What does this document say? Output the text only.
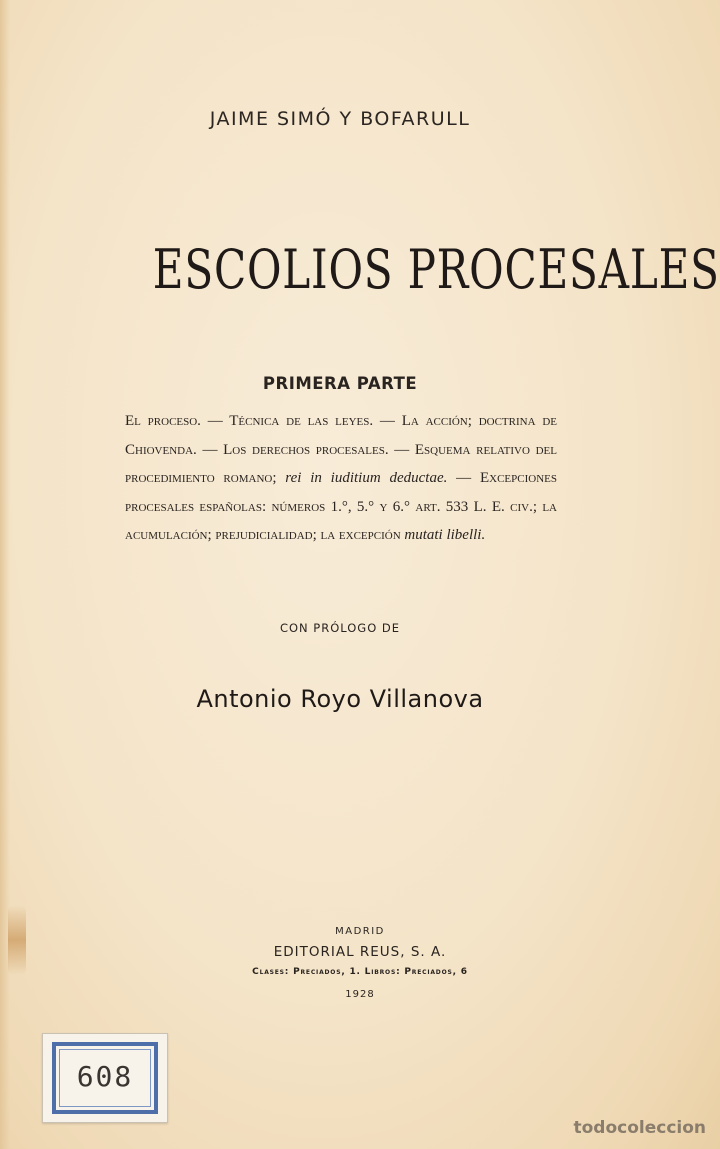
JAIME SIMÓ Y BOFARULL
ESCOLIOS PROCESALES
PRIMERA PARTE
El proceso. — Técnica de las leyes. — La acción; doctrina de Chiovenda. — Los derechos procesales. — Esquema relativo del procedimiento romano; rei in iuditium deductae. — Excepciones procesales españolas: números 1.°, 5.° y 6.° art. 533 L. E. civ.; la acumulación; prejudicialidad; la excepción mutati libelli.
CON PRÓLOGO DE
Antonio Royo Villanova
MADRID
EDITORIAL REUS, S. A.
Clases: Preciados, 1. Libros: Preciados, 6
1928
608
todocoleccion
